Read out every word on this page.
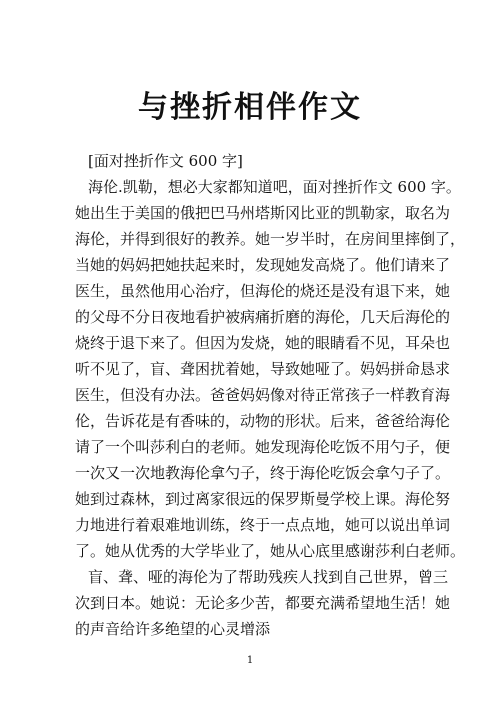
与挫折相伴作文
[面对挫折作文 600 字]
海伦.凯勒，想必大家都知道吧，面对挫折作文 600 字。
她出生于美国的俄把巴马州塔斯冈比亚的凯勒家，取名为
海伦，并得到很好的教养。她一岁半时，在房间里摔倒了，
当她的妈妈把她扶起来时，发现她发高烧了。他们请来了
医生，虽然他用心治疗，但海伦的烧还是没有退下来，她
的父母不分日夜地看护被病痛折磨的海伦，几天后海伦的
烧终于退下来了。但因为发烧，她的眼睛看不见，耳朵也
听不见了，盲、聋困扰着她，导致她哑了。妈妈拼命恳求
医生，但没有办法。爸爸妈妈像对待正常孩子一样教育海
伦，告诉花是有香味的，动物的形状。后来，爸爸给海伦
请了一个叫莎利白的老师。她发现海伦吃饭不用勺子，便
一次又一次地教海伦拿勺子，终于海伦吃饭会拿勺子了。
她到过森林，到过离家很远的保罗斯曼学校上课。海伦努
力地进行着艰难地训练，终于一点点地，她可以说出单词
了。她从优秀的大学毕业了，她从心底里感谢莎利白老师。
盲、聋、哑的海伦为了帮助残疾人找到自己世界，曾三
次到日本。她说：无论多少苦，都要充满希望地生活！她
的声音给许多绝望的心灵增添
1
